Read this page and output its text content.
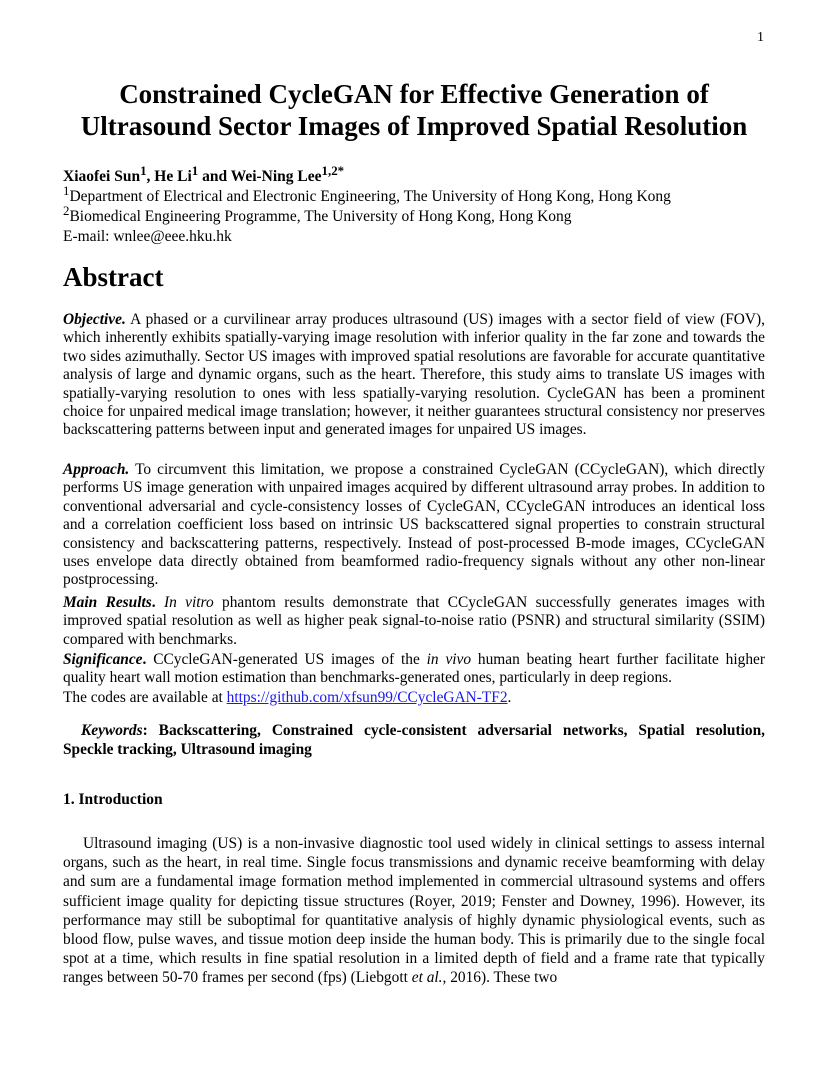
1
Constrained CycleGAN for Effective Generation of
Ultrasound Sector Images of Improved Spatial Resolution
Xiaofei Sun$^1$, He Li$^1$ and Wei-Ning Lee$^{1,2*}$
$^1$Department of Electrical and Electronic Engineering, The University of Hong Kong, Hong Kong
$^2$Biomedical Engineering Programme, The University of Hong Kong, Hong Kong
E-mail: wnlee@eee.hku.hk
Abstract
Objective. A phased or a curvilinear array produces ultrasound (US) images with a sector field of view (FOV), which inherently exhibits spatially-varying image resolution with inferior quality in the far zone and towards the two sides azimuthally. Sector US images with improved spatial resolutions are favorable for accurate quantitative analysis of large and dynamic organs, such as the heart. Therefore, this study aims to translate US images with spatially-varying resolution to ones with less spatially-varying resolution. CycleGAN has been a prominent choice for unpaired medical image translation; however, it neither guarantees structural consistency nor preserves backscattering patterns between input and generated images for unpaired US images.
Approach. To circumvent this limitation, we propose a constrained CycleGAN (CCycleGAN), which directly performs US image generation with unpaired images acquired by different ultrasound array probes. In addition to conventional adversarial and cycle-consistency losses of CycleGAN, CCycleGAN introduces an identical loss and a correlation coefficient loss based on intrinsic US backscattered signal properties to constrain structural consistency and backscattering patterns, respectively. Instead of post-processed B-mode images, CCycleGAN uses envelope data directly obtained from beamformed radio-frequency signals without any other non-linear postprocessing.
Main Results. In vitro phantom results demonstrate that CCycleGAN successfully generates images with improved spatial resolution as well as higher peak signal-to-noise ratio (PSNR) and structural similarity (SSIM) compared with benchmarks.
Significance. CCycleGAN-generated US images of the in vivo human beating heart further facilitate higher quality heart wall motion estimation than benchmarks-generated ones, particularly in deep regions.
The codes are available at https://github.com/xfsun99/CCycleGAN-TF2.
Keywords: Backscattering, Constrained cycle-consistent adversarial networks, Spatial resolution, Speckle tracking, Ultrasound imaging
1. Introduction
Ultrasound imaging (US) is a non-invasive diagnostic tool used widely in clinical settings to assess internal organs, such as the heart, in real time. Single focus transmissions and dynamic receive beamforming with delay and sum are a fundamental image formation method implemented in commercial ultrasound systems and offers sufficient image quality for depicting tissue structures (Royer, 2019; Fenster and Downey, 1996). However, its performance may still be suboptimal for quantitative analysis of highly dynamic physiological events, such as blood flow, pulse waves, and tissue motion deep inside the human body. This is primarily due to the single focal spot at a time, which results in fine spatial resolution in a limited depth of field and a frame rate that typically ranges between 50-70 frames per second (fps) (Liebgott et al., 2016). These two
